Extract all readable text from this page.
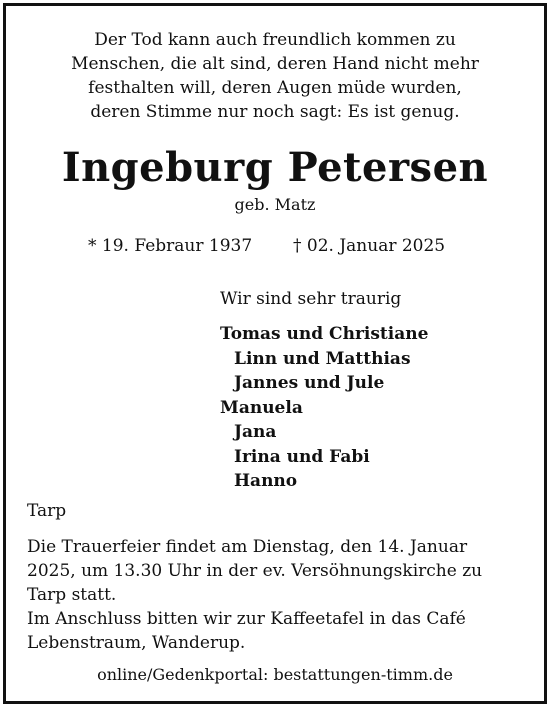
Der Tod kann auch freundlich kommen zu
Menschen, die alt sind, deren Hand nicht mehr
festhalten will, deren Augen müde wurden,
deren Stimme nur noch sagt: Es ist genug.
Ingeburg Petersen
geb. Matz
* 19. Febraur 1937 † 02. Januar 2025
Wir sind sehr traurig
Tomas und Christiane
Linn und Matthias
Jannes und Jule
Manuela
Jana
Irina und Fabi
Hanno
Tarp
Die Trauerfeier findet am Dienstag, den 14. Januar
2025, um 13.30 Uhr in der ev. Versöhnungskirche zu
Tarp statt.
Im Anschluss bitten wir zur Kaffeetafel in das Café
Lebenstraum, Wanderup.
online/Gedenkportal: bestattungen-timm.de
